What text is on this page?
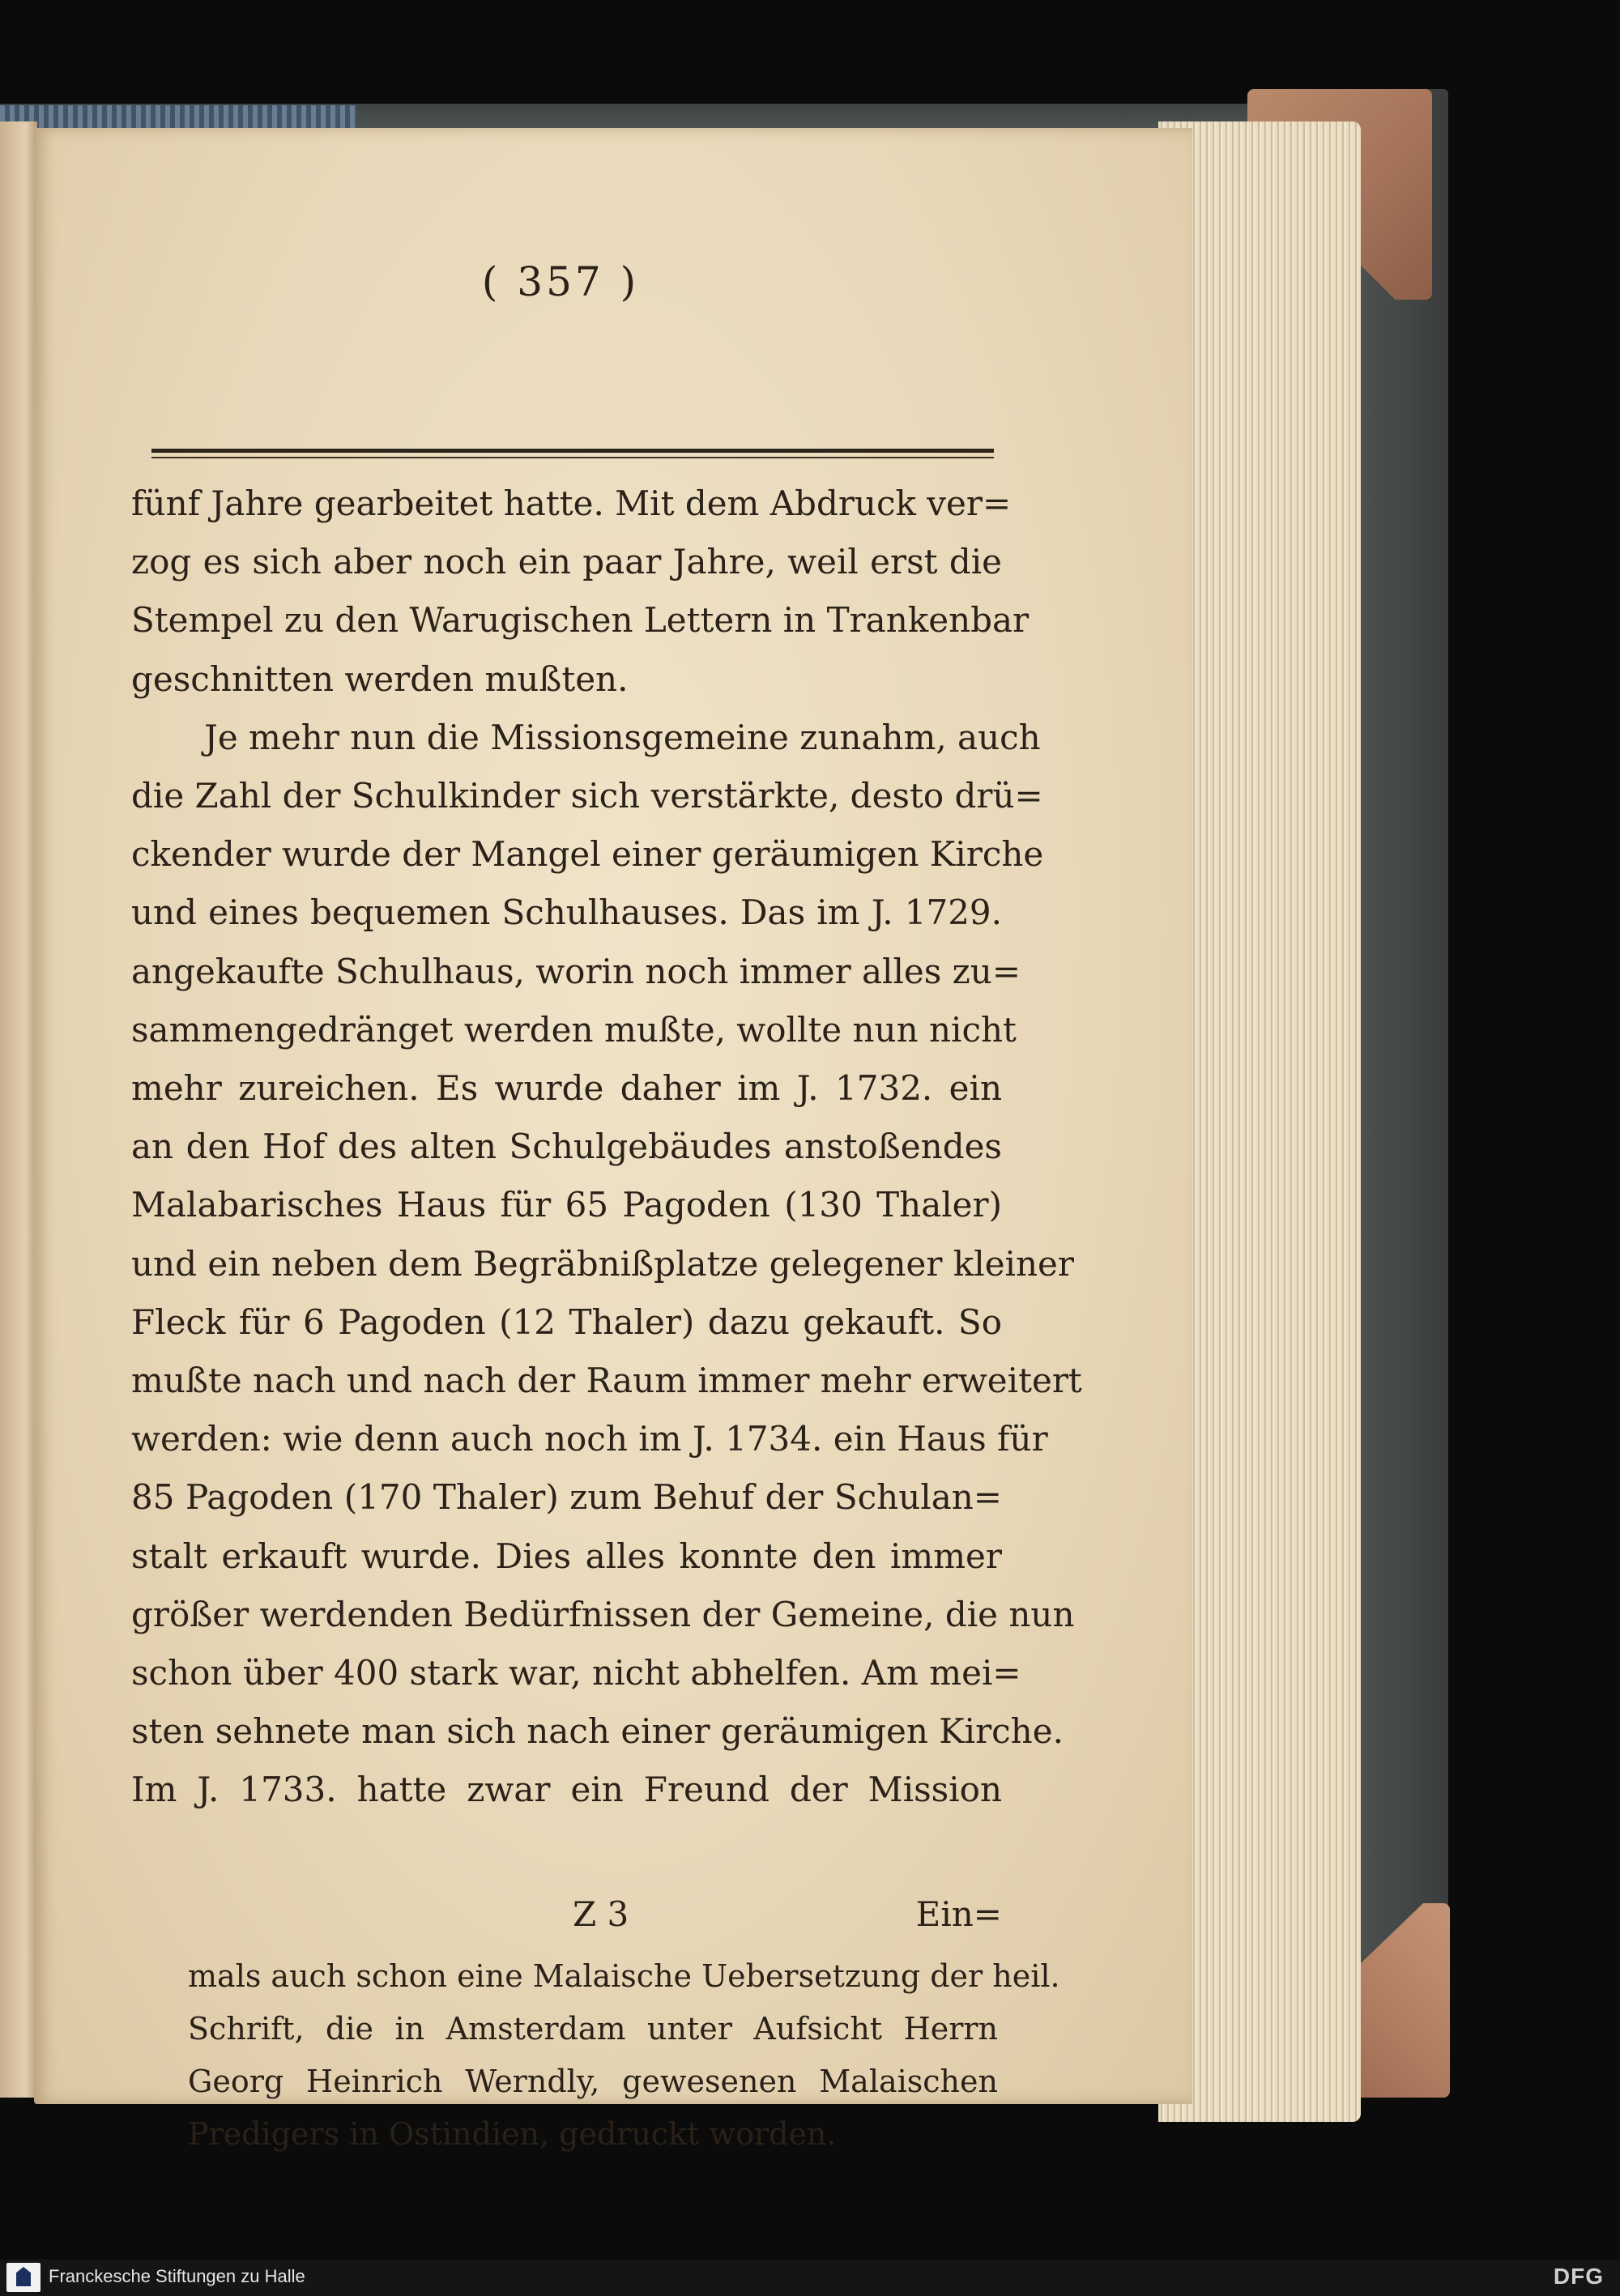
( 357 )
fünf Jahre gearbeitet hatte. Mit dem Abdruck ver=
zog es sich aber noch ein paar Jahre, weil erst die
Stempel zu den Warugischen Lettern in Trankenbar
geschnitten werden mußten.
Je mehr nun die Missionsgemeine zunahm, auch
die Zahl der Schulkinder sich verstärkte, desto drü=
ckender wurde der Mangel einer geräumigen Kirche
und eines bequemen Schulhauses. Das im J. 1729.
angekaufte Schulhaus, worin noch immer alles zu=
sammengedränget werden mußte, wollte nun nicht
mehr zureichen. Es wurde daher im J. 1732. ein
an den Hof des alten Schulgebäudes anstoßendes
Malabarisches Haus für 65 Pagoden (130 Thaler)
und ein neben dem Begräbnißplatze gelegener kleiner
Fleck für 6 Pagoden (12 Thaler) dazu gekauft. So
mußte nach und nach der Raum immer mehr erweitert
werden: wie denn auch noch im J. 1734. ein Haus für
85 Pagoden (170 Thaler) zum Behuf der Schulan=
stalt erkauft wurde. Dies alles konnte den immer
größer werdenden Bedürfnissen der Gemeine, die nun
schon über 400 stark war, nicht abhelfen. Am mei=
sten sehnete man sich nach einer geräumigen Kirche.
Im J. 1733. hatte zwar ein Freund der Mission
Z 3	Ein=
mals auch schon eine Malaische Uebersetzung der heil.
Schrift, die in Amsterdam unter Aufsicht Herrn
Georg Heinrich Werndly, gewesenen Malaischen
Predigers in Ostindien, gedruckt worden.
Franckesche Stiftungen zu Halle	DFG
